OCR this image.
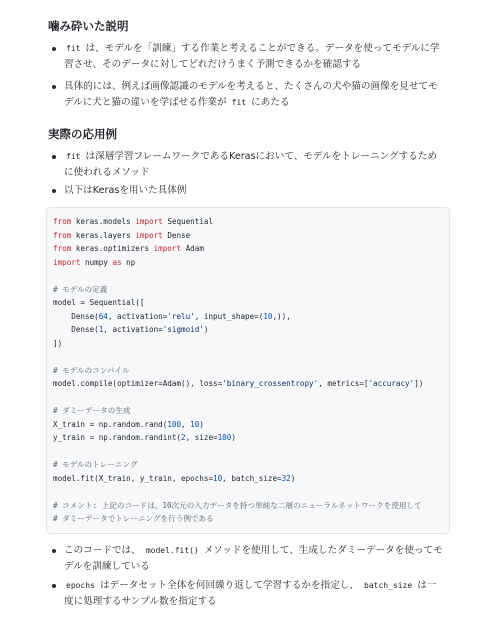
噛み砕いた説明
fit は、モデルを「訓練」する作業と考えることができる。データを使ってモデルに学習させ、そのデータに対してどれだけうまく予測できるかを確認する
具体的には、例えば画像認識のモデルを考えると、たくさんの犬や猫の画像を見せてモデルに犬と猫の違いを学ばせる作業が fit にあたる
実際の応用例
fit は深層学習フレームワークであるKerasにおいて、モデルをトレーニングするために使われるメソッド
以下はKerasを用いた具体例
from keras.models import Sequential
from keras.layers import Dense
from keras.optimizers import Adam
import numpy as np
# モデルの定義
model = Sequential([
Dense(64, activation='relu', input_shape=(10,)),
Dense(1, activation='sigmoid')
])
# モデルのコンパイル
model.compile(optimizer=Adam(), loss='binary_crossentropy', metrics=['accuracy'])
# ダミーデータの生成
X_train = np.random.rand(100, 10)
y_train = np.random.randint(2, size=100)
# モデルのトレーニング
model.fit(X_train, y_train, epochs=10, batch_size=32)
# コメント: 上記のコードは、10次元の入力データを持つ単純な二層のニューラルネットワークを使用して
# ダミーデータでトレーニングを行う例である
このコードでは、 model.fit() メソッドを使用して、生成したダミーデータを使ってモデルを訓練している
epochs はデータセット全体を何回繰り返して学習するかを指定し、 batch_size は一度に処理するサンプル数を指定する
